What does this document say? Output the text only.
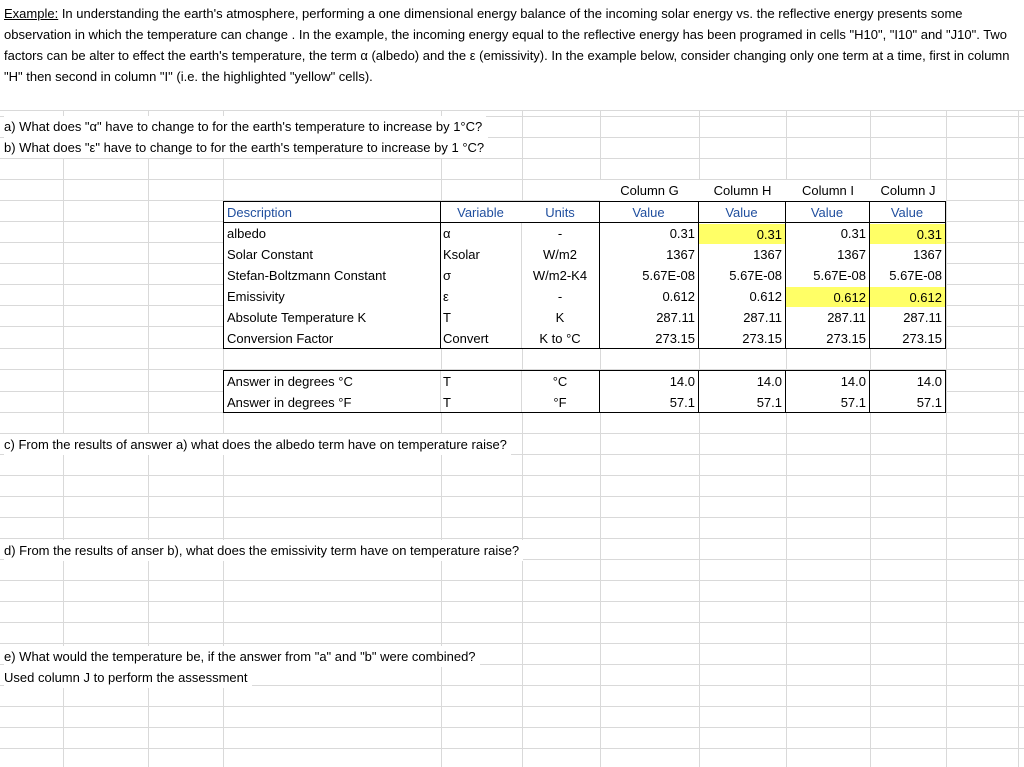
Example: In understanding the earth's atmosphere, performing a one dimensional energy balance of the incoming solar energy vs. the reflective energy presents some observation in which the temperature can change . In the example, the incoming energy equal to the reflective energy has been programed in cells "H10", "I10" and "J10". Two factors can be alter to effect the earth's temperature, the term α (albedo) and the ε (emissivity). In the example below, consider changing only one term at a time, first in column "H" then second in column "I" (i.e. the highlighted "yellow" cells).
a) What does "α" have to change to for the earth's temperature to increase by 1°C?
b) What does "ε" have to change to for the earth's temperature to increase by 1 °C?
Column G	Column H	Column I	Column J
Description	Variable	Units	Value	Value	Value	Value
albedo	α	-	0.31	0.31	0.31	0.31
Solar Constant	Ksolar	W/m2	1367	1367	1367	1367
Stefan-Boltzmann Constant	σ	W/m2-K4	5.67E-08	5.67E-08	5.67E-08	5.67E-08
Emissivity	ε	-	0.612	0.612	0.612	0.612
Absolute Temperature K	T	K	287.11	287.11	287.11	287.11
Conversion Factor	Convert	K to °C	273.15	273.15	273.15	273.15
Answer in degrees °C	T	°C	14.0	14.0	14.0	14.0
Answer in degrees °F	T	°F	57.1	57.1	57.1	57.1
c) From the results of answer a) what does the albedo term have on temperature raise?
d) From the results of anser b), what does the emissivity term have on temperature raise?
e) What would the temperature be, if the answer from "a" and "b" were combined?
Used column J to perform the assessment
